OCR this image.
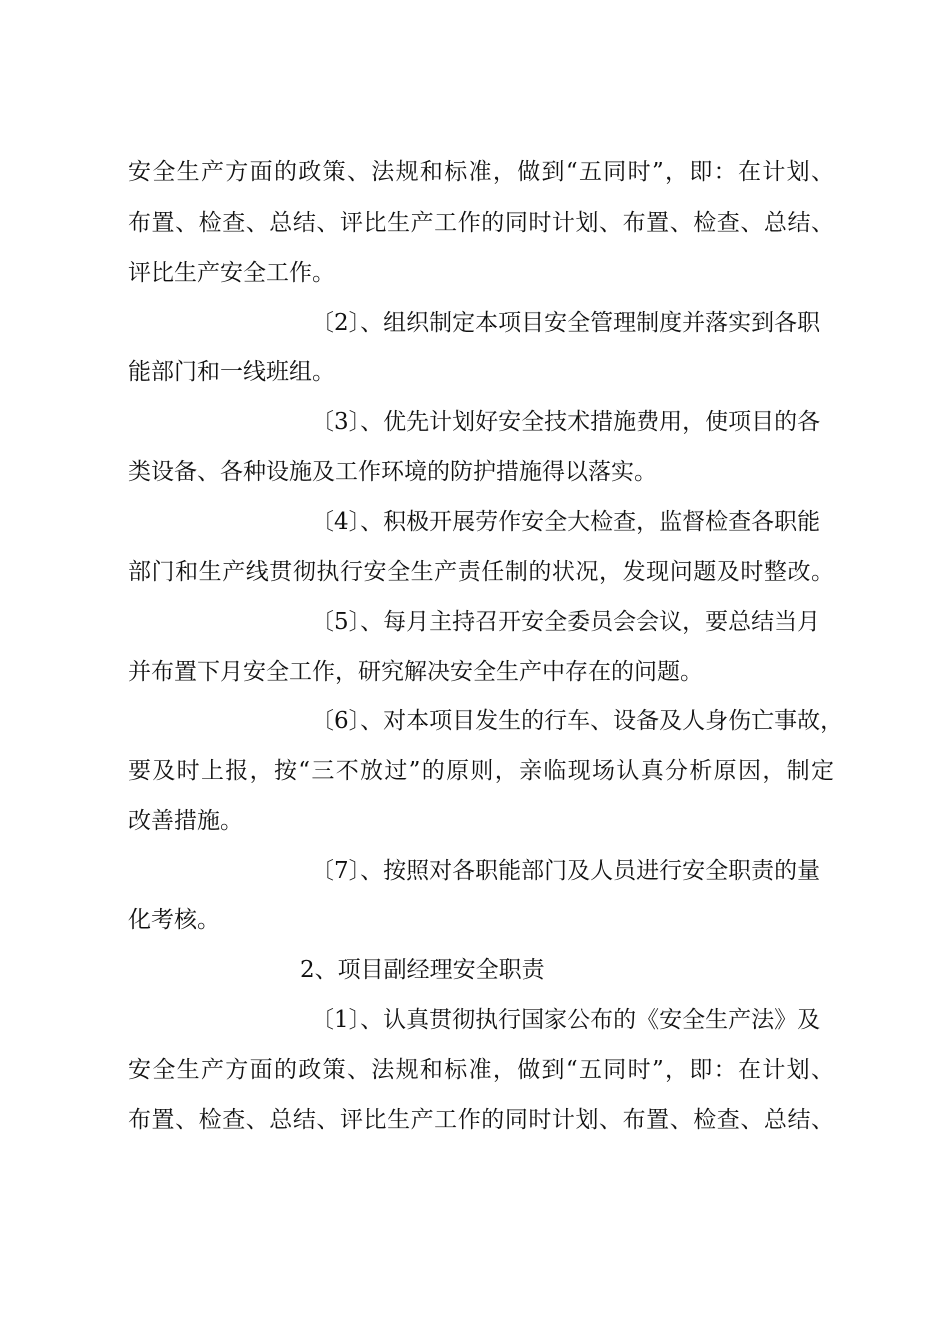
安全生产方面的政策、法规和标准，做到“五同时”，即：在计划、
布置、检查、总结、评比生产工作的同时计划、布置、检查、总结、
评比生产安全工作。
〔2〕、组织制定本项目安全管理制度并落实到各职
能部门和一线班组。
〔3〕、优先计划好安全技术措施费用，使项目的各
类设备、各种设施及工作环境的防护措施得以落实。
〔4〕、积极开展劳作安全大检查，监督检查各职能
部门和生产线贯彻执行安全生产责任制的状况，发现问题及时整改。
〔5〕、每月主持召开安全委员会会议，要总结当月
并布置下月安全工作，研究解决安全生产中存在的问题。
〔6〕、对本项目发生的行车、设备及人身伤亡事故，
要及时上报，按“三不放过”的原则，亲临现场认真分析原因，制定
改善措施。
〔7〕、按照对各职能部门及人员进行安全职责的量
化考核。
2、项目副经理安全职责
〔1〕、认真贯彻执行国家公布的《安全生产法》及
安全生产方面的政策、法规和标准，做到“五同时”，即：在计划、
布置、检查、总结、评比生产工作的同时计划、布置、检查、总结、
